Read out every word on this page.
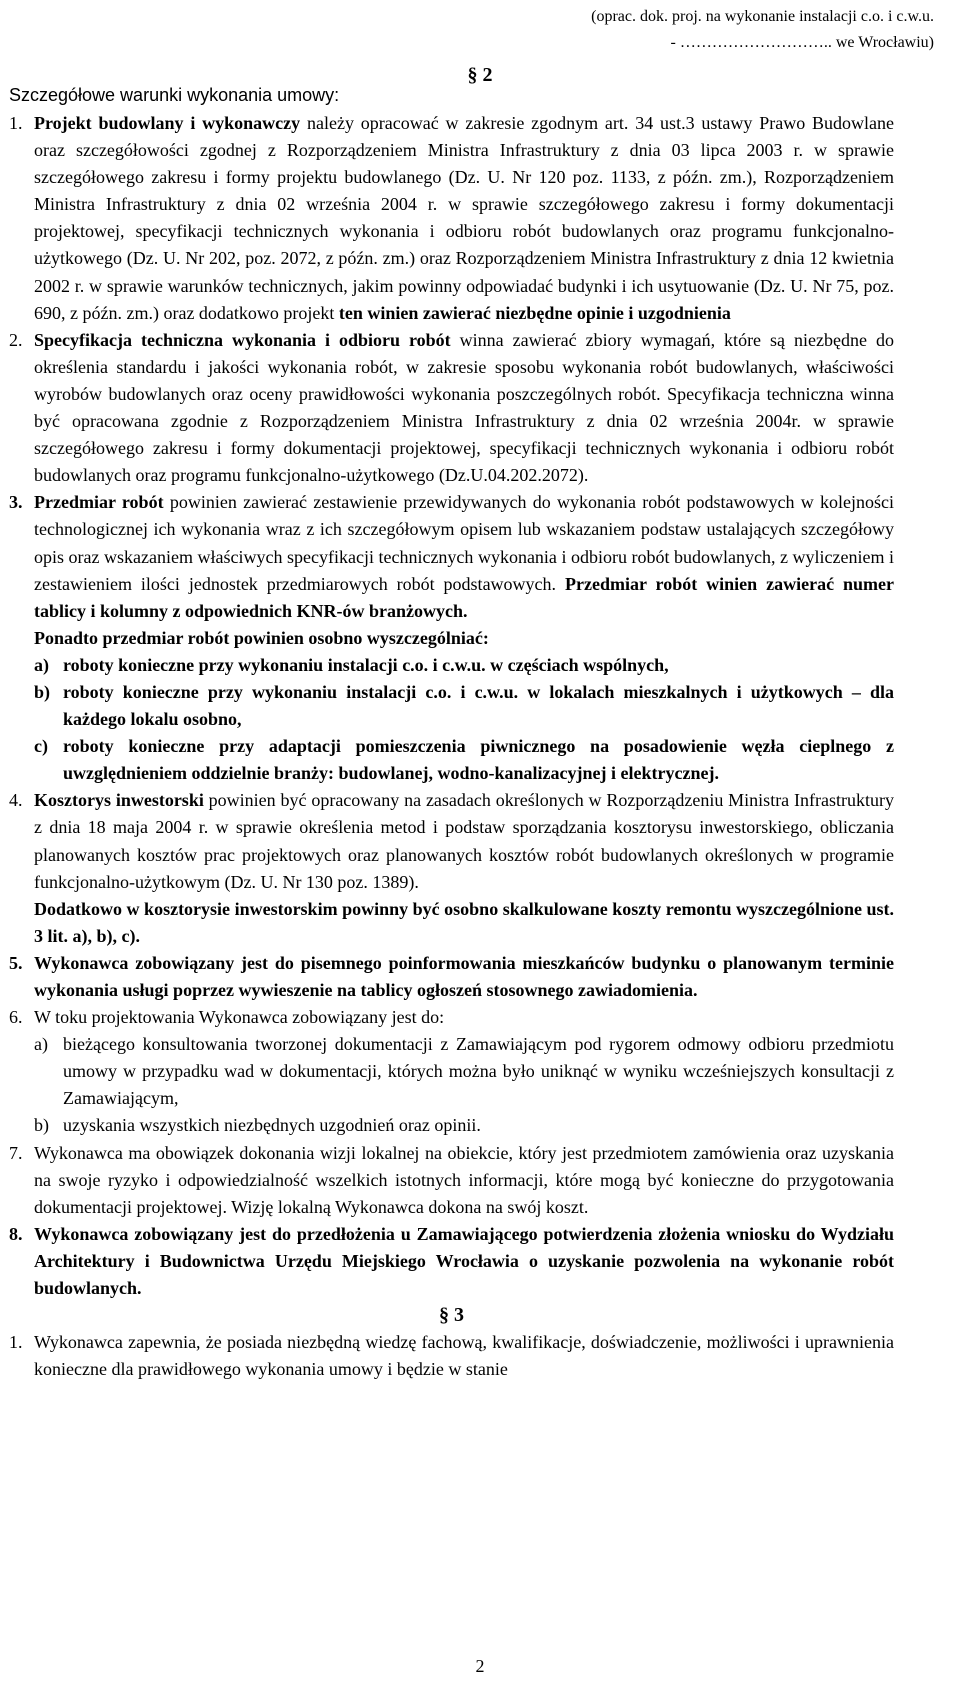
(oprac. dok. proj. na wykonanie instalacji c.o. i c.w.u.
- ……………………….. we Wrocławiu)
§ 2
Szczegółowe warunki wykonania umowy:

1. Projekt budowlany i wykonawczy należy opracować w zakresie zgodnym art. 34 ust.3 ustawy Prawo Budowlane oraz szczegółowości zgodnej z Rozporządzeniem Ministra Infrastruktury z dnia 03 lipca 2003 r. w sprawie szczegółowego zakresu i formy projektu budowlanego (Dz. U. Nr 120 poz. 1133, z późn. zm.), Rozporządzeniem Ministra Infrastruktury z dnia 02 września 2004 r. w sprawie szczegółowego zakresu i formy dokumentacji projektowej, specyfikacji technicznych wykonania i odbioru robót budowlanych oraz programu funkcjonalno-użytkowego (Dz. U. Nr 202, poz. 2072, z późn. zm.) oraz Rozporządzeniem Ministra Infrastruktury z dnia 12 kwietnia 2002 r. w sprawie warunków technicznych, jakim powinny odpowiadać budynki i ich usytuowanie (Dz. U. Nr 75, poz. 690, z późn. zm.) oraz dodatkowo projekt ten winien zawierać niezbędne opinie i uzgodnienia

2. Specyfikacja techniczna wykonania i odbioru robót winna zawierać zbiory wymagań, które są niezbędne do określenia standardu i jakości wykonania robót, w zakresie sposobu wykonania robót budowlanych, właściwości wyrobów budowlanych oraz oceny prawidłowości wykonania poszczególnych robót. Specyfikacja techniczna winna być opracowana zgodnie z Rozporządzeniem Ministra Infrastruktury z dnia 02 września 2004r. w sprawie szczegółowego zakresu i formy dokumentacji projektowej, specyfikacji technicznych wykonania i odbioru robót budowlanych oraz programu funkcjonalno-użytkowego (Dz.U.04.202.2072).

3. Przedmiar robót powinien zawierać zestawienie przewidywanych do wykonania robót podstawowych w kolejności technologicznej ich wykonania wraz z ich szczegółowym opisem lub wskazaniem podstaw ustalających szczegółowy opis oraz wskazaniem właściwych specyfikacji technicznych wykonania i odbioru robót budowlanych, z wyliczeniem i zestawieniem ilości jednostek przedmiarowych robót podstawowych. Przedmiar robót winien zawierać numer tablicy i kolumny z odpowiednich KNR-ów branżowych.
Ponadto przedmiar robót powinien osobno wyszczególniać:
a) roboty konieczne przy wykonaniu instalacji c.o. i c.w.u. w częściach wspólnych,
b) roboty konieczne przy wykonaniu instalacji c.o. i c.w.u. w lokalach mieszkalnych i użytkowych – dla każdego lokalu osobno,
c) roboty konieczne przy adaptacji pomieszczenia piwnicznego na posadowienie węzła cieplnego z uwzględnieniem oddzielnie branży: budowlanej, wodno-kanalizacyjnej i elektrycznej.
4. Kosztorys inwestorski powinien być opracowany na zasadach określonych w Rozporządzeniu Ministra Infrastruktury z dnia 18 maja 2004 r. w sprawie określenia metod i podstaw sporządzania kosztorysu inwestorskiego, obliczania planowanych kosztów prac projektowych oraz planowanych kosztów robót budowlanych określonych w programie funkcjonalno-użytkowym (Dz. U. Nr 130 poz. 1389).
Dodatkowo w kosztorysie inwestorskim powinny być osobno skalkulowane koszty remontu wyszczególnione ust. 3 lit. a), b), c).

5. Wykonawca zobowiązany jest do pisemnego poinformowania mieszkańców budynku o planowanym terminie wykonania usługi poprzez wywieszenie na tablicy ogłoszeń stosownego zawiadomienia.

6. W toku projektowania Wykonawca zobowiązany jest do:
a) bieżącego konsultowania tworzonej dokumentacji z Zamawiającym pod rygorem odmowy odbioru przedmiotu umowy w przypadku wad w dokumentacji, których można było uniknąć w wyniku wcześniejszych konsultacji z Zamawiającym,
b) uzyskania wszystkich niezbędnych uzgodnień oraz opinii.

7. Wykonawca ma obowiązek dokonania wizji lokalnej na obiekcie, który jest przedmiotem zamówienia oraz uzyskania na swoje ryzyko i odpowiedzialność wszelkich istotnych informacji, które mogą być konieczne do przygotowania dokumentacji projektowej. Wizję lokalną Wykonawca dokona na swój koszt.

8. Wykonawca zobowiązany jest do przedłożenia u Zamawiającego potwierdzenia złożenia wniosku do Wydziału Architektury i Budownictwa Urzędu Miejskiego Wrocławia o uzyskanie pozwolenia na wykonanie robót budowlanych.

§ 3

1. Wykonawca zapewnia, że posiada niezbędną wiedzę fachową, kwalifikacje, doświadczenie, możliwości i uprawnienia konieczne dla prawidłowego wykonania umowy i będzie w stanie

2
